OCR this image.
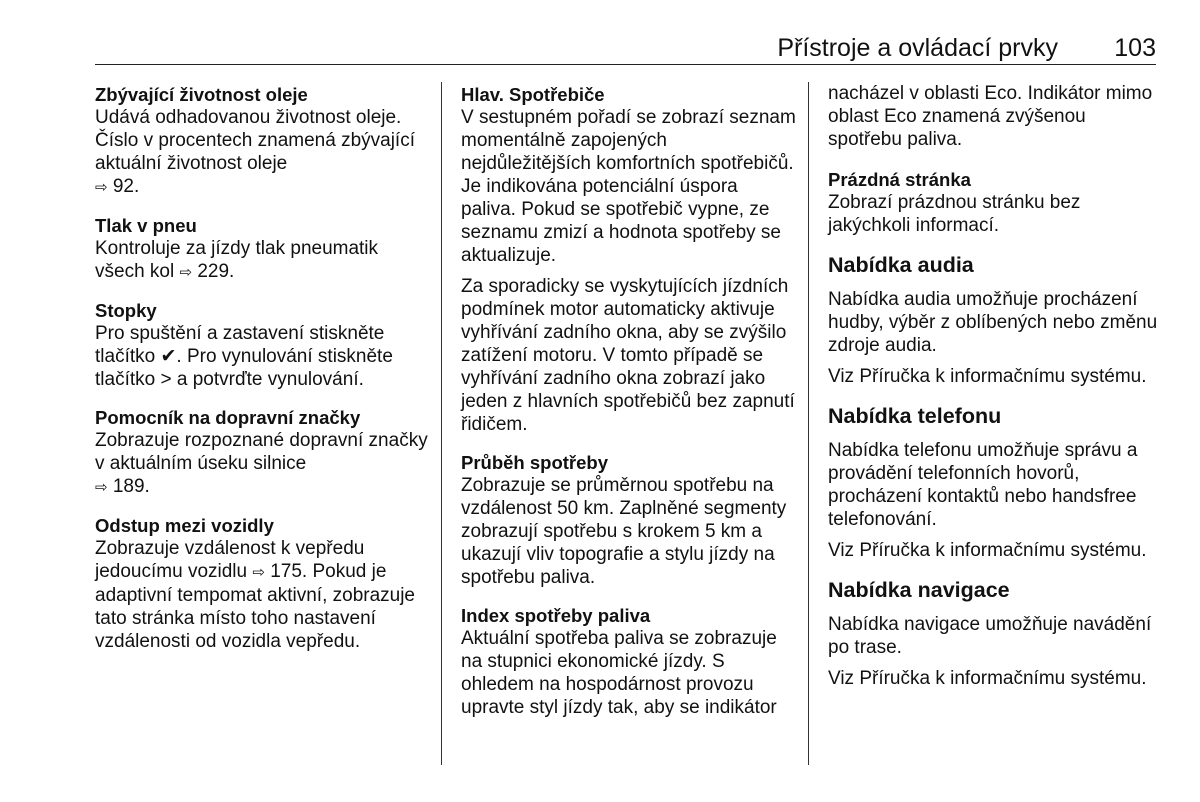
Přístroje a ovládací prvky 103
Zbývající životnost oleje
Udává odhadovanou životnost oleje. Číslo v procentech znamená zbývající aktuální životnost oleje
⇨ 92.
Tlak v pneu
Kontroluje za jízdy tlak pneumatik všech kol ⇨ 229.
Stopky
Pro spuštění a zastavení stiskněte tlačítko ✔. Pro vynulování stiskněte tlačítko > a potvrďte vynulování.
Pomocník na dopravní značky
Zobrazuje rozpoznané dopravní značky v aktuálním úseku silnice
⇨ 189.
Odstup mezi vozidly
Zobrazuje vzdálenost k vepředu jedoucímu vozidlu ⇨ 175. Pokud je adaptivní tempomat aktivní, zobrazuje tato stránka místo toho nastavení vzdálenosti od vozidla vepředu.
Hlav. Spotřebiče
V sestupném pořadí se zobrazí seznam momentálně zapojených nejdůležitějších komfortních spotřebičů. Je indikována potenciální úspora paliva. Pokud se spotřebič vypne, ze seznamu zmizí a hodnota spotřeby se aktualizuje.
Za sporadicky se vyskytujících jízdních podmínek motor automaticky aktivuje vyhřívání zadního okna, aby se zvýšilo zatížení motoru. V tomto případě se vyhřívání zadního okna zobrazí jako jeden z hlavních spotřebičů bez zapnutí řidičem.
Průběh spotřeby
Zobrazuje se průměrnou spotřebu na vzdálenost 50 km. Zaplněné segmenty zobrazují spotřebu s krokem 5 km a ukazují vliv topografie a stylu jízdy na spotřebu paliva.
Index spotřeby paliva
Aktuální spotřeba paliva se zobrazuje na stupnici ekonomické jízdy. S ohledem na hospodárnost provozu upravte styl jízdy tak, aby se indikátor
nacházel v oblasti Eco. Indikátor mimo oblast Eco znamená zvýšenou spotřebu paliva.
Prázdná stránka
Zobrazí prázdnou stránku bez jakýchkoli informací.
Nabídka audia
Nabídka audia umožňuje procházení hudby, výběr z oblíbených nebo změnu zdroje audia.
Viz Příručka k informačnímu systému.
Nabídka telefonu
Nabídka telefonu umožňuje správu a provádění telefonních hovorů, procházení kontaktů nebo handsfree telefonování.
Viz Příručka k informačnímu systému.
Nabídka navigace
Nabídka navigace umožňuje navádění po trase.
Viz Příručka k informačnímu systému.
